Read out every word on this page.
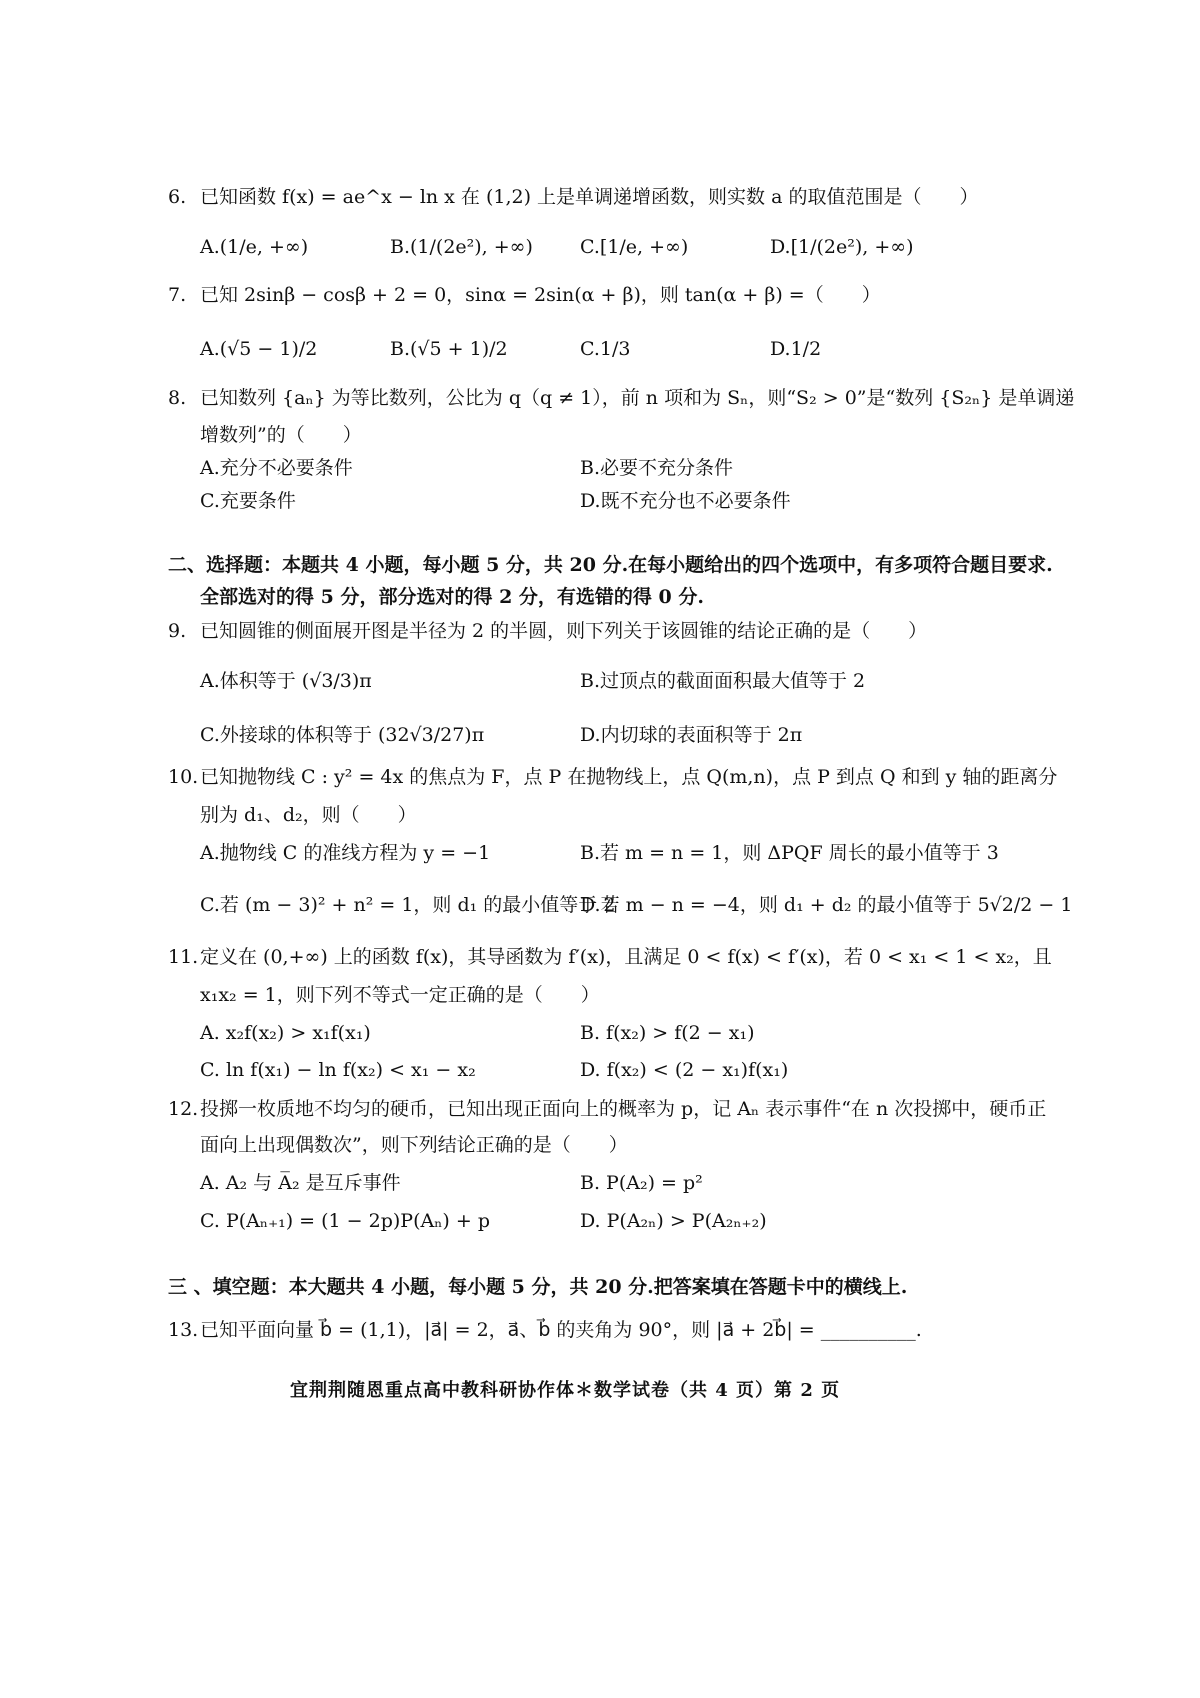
6. 已知函数 f(x) = ae^x − ln x 在 (1,2) 上是单调递增函数，则实数 a 的取值范围是（　　）
A.(1/e, +∞)	B.(1/(2e²), +∞) C.[1/e, +∞)	D.[1/(2e²), +∞)
7. 已知 2sinβ − cosβ + 2 = 0，sinα = 2sin(α + β)，则 tan(α + β) =（　　）
A.(√5 − 1)/2	B.(√5 + 1)/2	C.1/3	D.1/2
8. 已知数列 {aₙ} 为等比数列，公比为 q（q ≠ 1），前 n 项和为 Sₙ，则“S₂ > 0”是“数列 {S₂ₙ} 是单调递
增数列”的（　　）
A.充分不必要条件	B.必要不充分条件
C.充要条件	D.既不充分也不必要条件
二、选择题：本题共 4 小题，每小题 5 分，共 20 分.在每小题给出的四个选项中，有多项符合题目要求.
全部选对的得 5 分，部分选对的得 2 分，有选错的得 0 分.
9. 已知圆锥的侧面展开图是半径为 2 的半圆，则下列关于该圆锥的结论正确的是（　　）
A.体积等于 (√3/3)π	B.过顶点的截面面积最大值等于 2
C.外接球的体积等于 (32√3/27)π	D.内切球的表面积等于 2π
10. 已知抛物线 C : y² = 4x 的焦点为 F，点 P 在抛物线上，点 Q(m,n)，点 P 到点 Q 和到 y 轴的距离分
别为 d₁、d₂，则（　　）
A.抛物线 C 的准线方程为 y = −1	B.若 m = n = 1，则 ΔPQF 周长的最小值等于 3
C.若 (m − 3)² + n² = 1，则 d₁ 的最小值等于 2
D.若 m − n = −4，则 d₁ + d₂ 的最小值等于 5√2/2 − 1
11. 定义在 (0,+∞) 上的函数 f(x)，其导函数为 f′(x)，且满足 0 < f(x) < f′(x)，若 0 < x₁ < 1 < x₂，且
x₁x₂ = 1，则下列不等式一定正确的是（　　）
A. x₂f(x₂) > x₁f(x₁)	B. f(x₂) > f(2 − x₁)
C. ln f(x₁) − ln f(x₂) < x₁ − x₂	D. f(x₂) < (2 − x₁)f(x₁)
12. 投掷一枚质地不均匀的硬币，已知出现正面向上的概率为 p，记 Aₙ 表示事件“在 n 次投掷中，硬币正
面向上出现偶数次”，则下列结论正确的是（　　）
A. A₂ 与 A̅₂ 是互斥事件	B. P(A₂) = p²
C. P(Aₙ₊₁) = (1 − 2p)P(Aₙ) + p	D. P(A₂ₙ) > P(A₂ₙ₊₂)
三 、填空题：本大题共 4 小题，每小题 5 分，共 20 分.把答案填在答题卡中的横线上.
13. 已知平面向量 b⃗ = (1,1)，|a⃗| = 2，a⃗、b⃗ 的夹角为 90°，则 |a⃗ + 2b⃗| = __________.
宜荆荆随恩重点高中教科研协作体＊数学试卷（共 4 页）第 2 页
